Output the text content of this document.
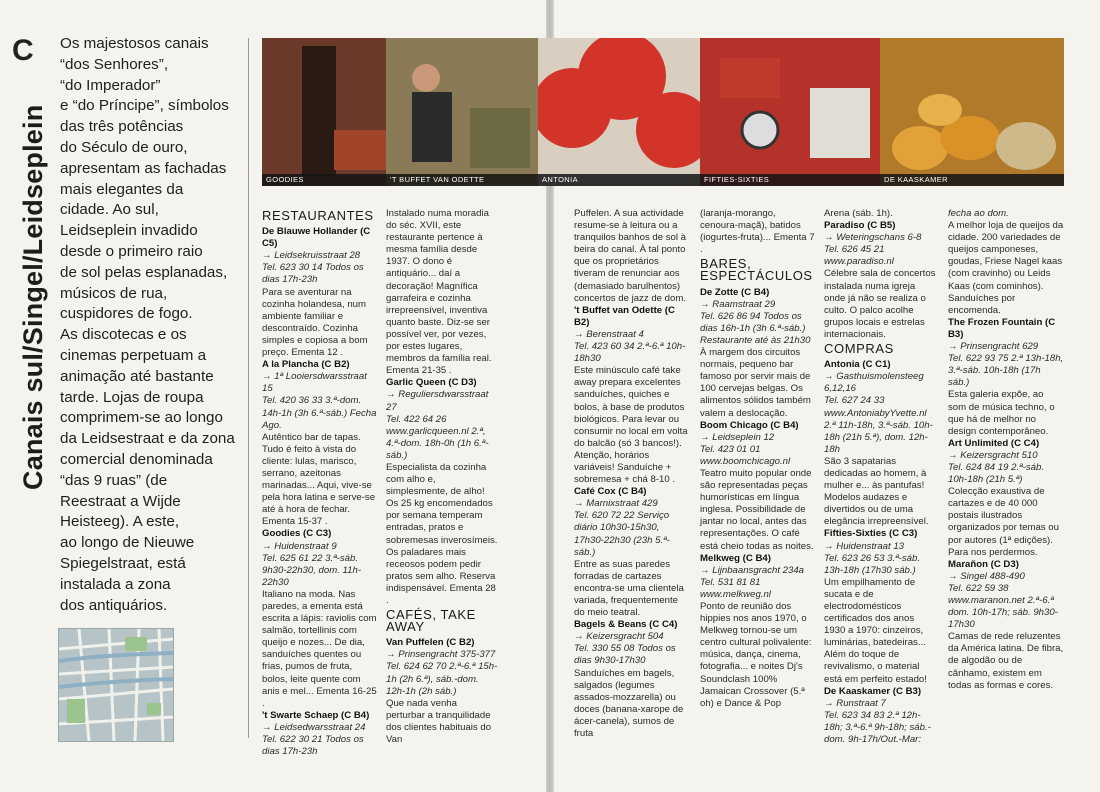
C
Canais sul/Singel/Leidseplein

Os majestosos canais

“dos Senhores”,

“do Imperador”

e “do Príncipe”, símbolos

das três potências

do Século de ouro,

apresentam as fachadas

mais elegantes da

cidade. Ao sul,

Leidseplein invadido

desde o primeiro raio

de sol pelas esplanadas,

músicos de rua,

cuspidores de fogo.

As discotecas e os

cinemas perpetuam a

animação até bastante

tarde. Lojas de roupa

comprimem-se ao longo

da Leidsestraat e da zona

comercial denominada

“das 9 ruas” (de

Reestraat a Wijde

Heisteeg). A este,

ao longo de Nieuwe

Spiegelstraat, está

instalada a zona

dos antiquários.

GOODIES	'T BUFFET VAN ODETTE	ANTONIA	FIFTIES-SIXTIES	DE KAASKAMER
RESTAURANTES

De Blauwe Hollander (C C5)

→ Leidsekruisstraat 28

Tel. 623 30 14 Todos os dias 17h-23h

Para se aventurar na cozinha holandesa, num ambiente familiar e descontraído. Cozinha simples e copiosa a bom preço. Ementa 12 .

A la Plancha (C B2)

→ 1ª Looiersdwarsstraat 15

Tel. 420 36 33 3.ª-dom. 14h-1h (3h 6.ª-sáb.) Fecha Ago.

Autêntico bar de tapas. Tudo é feito à vista do cliente: lulas, marisco, serrano, azeitonas marinadas... Aqui, vive-se pela hora latina e serve-se até à hora de fechar. Ementa 15-37 .

Goodies (C C3)

→ Huidenstraat 9

Tel. 625 61 22 3.ª-sáb. 9h30-22h30, dom. 11h-22h30

Italiano na moda. Nas paredes, a ementa está escrita a lápis: raviolis com salmão, tortellinis com queijo e nozes... De dia, sanduíches quentes ou frias, pumos de fruta, bolos, leite quente com anis e mel... Ementa 16-25 .

't Swarte Schaep (C B4)

→ Leidsedwarsstraat 24

Tel. 622 30 21 Todos os dias 17h-23h

Instalado numa moradia do séc. XVII, este restaurante pertence à mesma família desde 1937. O dono é antiquário... daí a decoração! Magnífica garrafeira e cozinha irrepreensível, inventiva quanto baste. Diz-se ser possível ver, por vezes, por estes lugares, membros da família real. Ementa 21-35 .

Garlic Queen (C D3)

→ Reguliersdwarsstraat 27

Tel. 422 64 26 www.garlicqueen.nl 2.ª, 4.ª-dom. 18h-0h (1h 6.ª-sáb.)

Especialista da cozinha com alho e, simplesmente, de alho! Os 25 kg encomendados por semana temperam entradas, pratos e sobremesas inverosímeis. Os paladares mais receosos podem pedir pratos sem alho. Reserva indispensável. Ementa 28 .

CAFÉS, TAKE AWAY

Van Puffelen (C B2)

→ Prinsengracht 375-377

Tel. 624 62 70 2.ª-6.ª 15h-1h (2h 6.ª), sáb.-dom. 12h-1h (2h sáb.)

Que nada venha perturbar a tranquilidade dos clientes habituais do Van

Puffelen. A sua actividade resume-se à leitura ou a tranquilos banhos de sol à beira do canal. À tal ponto que os proprietários tiveram de renunciar aos (demasiado barulhentos) concertos de jazz de dom.

't Buffet van Odette (C B2)

→ Berenstraat 4

Tel. 423 60 34 2.ª-6.ª 10h-18h30

Este minúsculo café take away prepara excelentes sanduíches, quiches e bolos, à base de produtos biológicos. Para levar ou consumir no local em volta do balcão (só 3 bancos!). Atenção, horários variáveis! Sanduíche + sobremesa + chá 8-10 .

Café Cox (C B4)

→ Marnixstraat 429

Tel. 620 72 22 Serviço diário 10h30-15h30, 17h30-22h30 (23h 5.ª-sáb.)

Entre as suas paredes forradas de cartazes encontra-se uma clientela variada, frequentemente do meio teatral.

Bagels & Beans (C C4)

→ Keizersgracht 504

Tel. 330 55 08 Todos os dias 9h30-17h30

Sanduíches em bagels, salgados (legumes assados-mozzarella) ou doces (banana-xarope de ácer-canela), sumos de fruta

(laranja-morango, cenoura-maçã), batidos (iogurtes-fruta)... Ementa 7 .

BARES, ESPECTÁCULOS

De Zotte (C B4)

→ Raamstraat 29

Tel. 626 86 94 Todos os dias 16h-1h (3h 6.ª-sáb.) Restaurante até às 21h30

À margem dos circuitos normais, pequeno bar famoso por servir mais de 100 cervejas belgas. Os alimentos sólidos também valem a deslocação.

Boom Chicago (C B4)

→ Leidseplein 12

Tel. 423 01 01 www.boomchicago.nl

Teatro muito popular onde são representadas peças humorísticas em língua inglesa. Possibilidade de jantar no local, antes das representações. O café está cheio todas as noites.

Melkweg (C B4)

→ Lijnbaansgracht 234a

Tel. 531 81 81 www.melkweg.nl

Ponto de reunião dos hippies nos anos 1970, o Melkweg tornou-se um centro cultural polivalente: música, dança, cinema, fotografia... e noites Dj's Soundclash 100% Jamaican Crossover (5.ª oh) e Dance & Pop

Arena (sáb. 1h).

Paradiso (C B5)

→ Weteringschans 6-8

Tel. 626 45 21 www.paradiso.nl

Célebre sala de concertos instalada numa igreja onde já não se realiza o culto. O palco acolhe grupos locais e estrelas internacionais.

COMPRAS

Antonia (C C1)

→ Gasthuismolensteeg 6,12,16

Tel. 627 24 33 www.AntoniabyYvette.nl 2.ª 11h-18h, 3.ª-sáb. 10h-18h (21h 5.ª), dom. 12h-18h

São 3 sapatarias dedicadas ao homem, à mulher e... às pantufas! Modelos audazes e divertidos ou de uma elegância irrepreensível.

Fifties-Sixties (C C3)

→ Huidenstraat 13

Tel. 623 26 53 3.ª-sáb. 13h-18h (17h30 sáb.)

Um empilhamento de sucata e de electrodomésticos certificados dos anos 1930 a 1970: cinzeiros, luminárias, batedeiras... Além do toque de revivalismo, o material está em perfeito estado!

De Kaaskamer (C B3)

→ Runstraat 7

Tel. 623 34 83 2.ª 12h-18h; 3.ª-6.ª 9h-18h; sáb.-dom. 9h-17h/Out.-Mar:

fecha ao dom.

A melhor loja de queijos da cidade. 200 variedades de queijos camponeses, goudas, Friese Nagel kaas (com cravinho) ou Leids Kaas (com cominhos). Sanduíches por encomenda.

The Frozen Fountain (C B3)

→ Prinsengracht 629

Tel. 622 93 75 2.ª 13h-18h, 3.ª-sáb. 10h-18h (17h sáb.)

Esta galeria expõe, ao som de música techno, o que há de melhor no design contemporâneo.

Art Unlimited (C C4)

→ Keizersgracht 510

Tel. 624 84 19 2.ª-sáb. 10h-18h (21h 5.ª)

Colecção exaustiva de cartazes e de 40 000 postais ilustrados organizados por temas ou por autores (1ª edições). Para nos perdermos.

Marañon (C D3)

→ Singel 488-490

Tel. 622 59 38 www.maranon.net 2.ª-6.ª dom. 10h-17h; sáb. 9h30-17h30

Camas de rede reluzentes da América latina. De fibra, de algodão ou de cânhamo, existem em todas as formas e cores.
